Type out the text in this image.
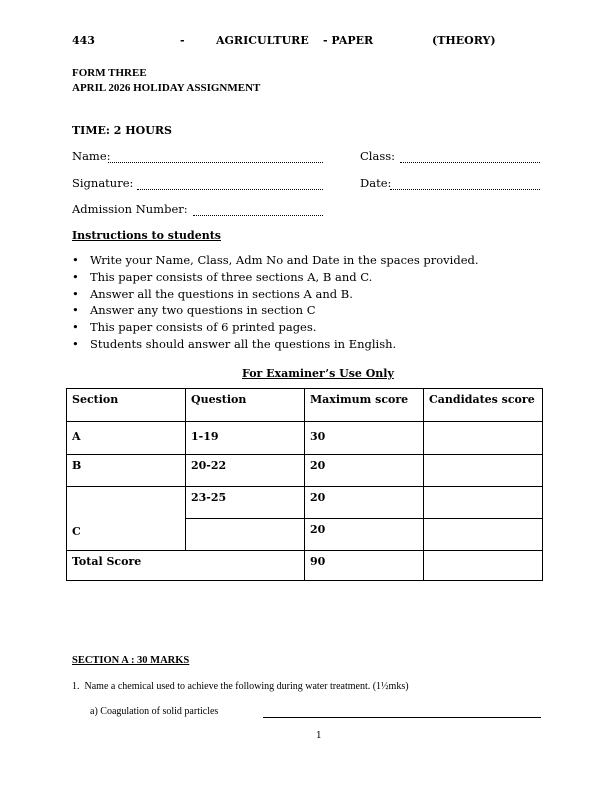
443	-	AGRICULTURE - PAPER	(THEORY)
FORM THREE
APRIL 2026 HOLIDAY ASSIGNMENT
TIME: 2 HOURS
Name:	Class:
Signature:	Date:
Admission Number:
Instructions to students
• Write your Name, Class, Adm No and Date in the spaces provided.
• This paper consists of three sections A, B and C.
• Answer all the questions in sections A and B.
• Answer any two questions in section C
• This paper consists of 6 printed pages.
• Students should answer all the questions in English.
For Examiner’s Use Only
Section	Question	Maximum score	Candidates score
A	1-19	30	
B	20-22	20	
C	23-25	20	
		20	
Total Score		90	
SECTION A : 30 MARKS
1.  Name a chemical used to achieve the following during water treatment. (1½mks)
a) Coagulation of solid particles
1
